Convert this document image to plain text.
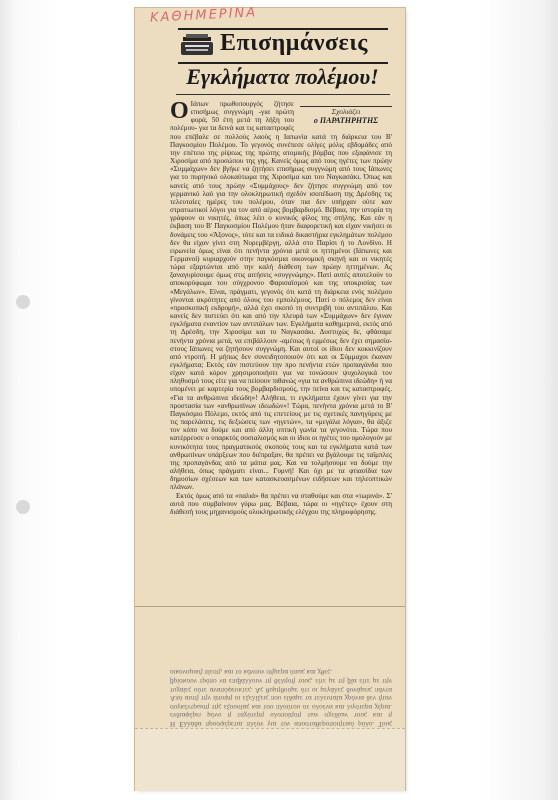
ΚΑΘΗΜΕΡΙΝΑ
Επισημάνσεις
Εγκλήματα πολέμου!

Ο	Σχολιάζει
ο ΠΑΡΑΤΗΡΗΤΗΣ
Ιάπων πρωθυπουργός ζήτησε επισήμως συγγνώμη -για πρώτη φορά, 50 έτη μετά τη λήξη του πολέμου- για τα δεινά και τις καταστροφές που επέβαλε σε πολλούς λαούς η Ιαπωνία κατά τη διάρκεια του Β' Παγκοσμίου Πολέμου. Το γεγονός συνέπεσε ολίγες μόλις εβδομάδες από την επέτειο της ρίψεως της πρώτης ατομικής βόμβας που εξαφάνισε τη Χιροσίμα από προσώπου της γης. Κανείς όμως από τους ηγέτες των πρώην «Συμμάχων» δεν βγήκε να ζητήσει επισήμως συγγνώμη από τους Ιάπωνες για το πυρηνικό ολοκαύτωμα της Χιροσίμα και του Ναγκασάκι. Όπως και κανείς από τους πρώην «Συμμάχους» δεν ζήτησε συγγνώμη από τον γερμανικό λαό για την ολοκληρωτική σχεδόν ισοπέδωση της Δρέσδης τις τελευταίες ημέρες του πολέμου, όταν πια δεν υπήρχαν ούτε καν στρατιωτικοί λόγοι για τον από αέρος βομβαρδισμό. Βέβαια, την ιστορία τη γράφουν οι νικητές, όπως λέει ο κυνικός φίλος της στήλης. Και εάν η έκβαση του Β' Παγκοσμίου Πολέμου ήταν διαφορετική και είχαν νικήσει οι δυνάμεις του «Άξονος», τότε και τα ειδικά δικαστήρια εγκλημάτων πολέμου δεν θα είχαν γίνει στη Νυρεμβέργη, αλλά στο Παρίσι ή το Λονδίνο. Η ειρωνεία όμως είναι ότι πενήντα χρόνια μετά οι ηττημένοι (Ιάπωνες και Γερμανοί) κυριαρχούν στην παγκόσμια οικονομική σκηνή και οι νικητές τώρα εξαρτώνται από την καλή διάθεση των πρώην ηττημένων. Ας ξαναγυρίσουμε όμως στις αιτήσεις «συγγνώμης». Πατί αυτές αποτελούν το αποκορύφωμα του σύγχρονου Φαρισαϊσμού και της υποκρισίας των «Μεγάλων». Είναι, πράγματι, γεγονός ότι κατά τη διάρκεια ενός πολέμου γίνονται ακρότητες από όλους του εμπολέμους. Πατί ο πόλεμος δεν είναι «προσκοπική εκδρομή», αλλά έχει σκοπό τη συντριβή του αντιπάλου. Και κανείς δεν πιστεύει ότι και από την πλευρά των «Συμμάχων» δεν έγιναν εγκλήματα εναντίον των αντιπάλων των. Εγκλήματα καθημερινά, εκτός από τη Δρέσδη, την Χιροσίμα και το Ναγκασάκι. Δυστυχώς δε, φθάσαμε πενήντα χρόνια μετά, να επιβάλλουν -αμέσως ή εμμέσως δεν έχει σημασία- στους Ιάπωνες να ζητήσουν συγγνώμη. Και αυτοί οι ίδιοι δεν κοκκινίζουν από ντροπή. Η μήπως δεν συνειδητοποιούν ότι και οι Σύμμαχοι έκαναν εγκλήματα; Εκτός εάν πιστεύουν την προ πενήντα ετών προπαγάνδα που είχαν κατά κόρον χρησιμοποιήσει για να τονώσουν ψυχολογικά τον πληθυσμό τους είτε για να πείσουν πιθανώς «για τα ανθρώπινα ιδεώδη» ή να υπομένει με καρτερία τους βομβαρδισμούς, την πείνα και τις καταστροφές. «Για τα ανθρώπινα ιδεώδη»! Αλήθεια, τι εγκλήματα έχουν γίνει για την προστασία των «ανθρωπίνων ιδεωδών»! Τώρα, πενήντα χρόνια μετά το Β' Παγκόσμιο Πόλεμο, εκτός από τις επετείους με τις σχετικές πανηγύρεις με τις παρελάσεις, τις δεξιώσεις των «ηγετών», τα «μεγάλα λόγια», θα άξιζε τον κόπο να δούμε και από άλλη οπτική γωνία τα γεγονότα. Τώρα που κατέρρευσε ο υπαρκτός σοσιαλισμός και οι ίδιοι οι ηγέτες του ομολογούν με κυνικότητα τους πραγματικούς σκοπούς τους και τα εγκλήματα κατά των ανθρωπίνων υπάρξεων που διέπραξαν, θα πρέπει να βγάλουμε τις ταΐμπλες της προπαγάνδας από τα μάτια μας. Και να τολμήσουμε να δούμε την αλήθεια, όπως πράγματι είναι... Γυμνή! Και όχι με τα φτιασίδια των δημοσίων σχέσεων και των κατασκευασμένων ειδήσεων και τηλεοπτικών πλάνων.

Εκτός όμως από τα «παλιά» θα πρέπει να σταθούμε και στα «τωρινά». Σ' αυτά που συμβαίνουν γύρω μας. Βέβαια, τώρα οι «ηγέτες» έχουν στη διάθεσή τους μηχανισμούς ολοκληρωτικής ελέγχου της πληροφόρησης.

Η Ελλάδα προσφέρεται πλέον για τον αποσταθεροποιητικό ρόλο. Τους ενδιαφέρει μόνο η ταχύτερη υλοποίηση των σχεδίων τους και η συγκέντρωση της εξουσίας και του πλούτου σε ολοένα και λιγότερα χέρια. Από αυτή την άποψη οι εξελίξεις που είδαμε τα τελευταία χρόνια δεν ήταν τυχαίες ούτε αναπόφευκτες. Ας θυμηθούμε ότι οι μεγάλες δυνάμεις πάντα βρίσκουν τρόπο να επιβάλλουν τη θέλησή τους, είτε με τη βία είτε με την οικονομική πίεση, και το κάνουν σήμερα όπως και χθες.
